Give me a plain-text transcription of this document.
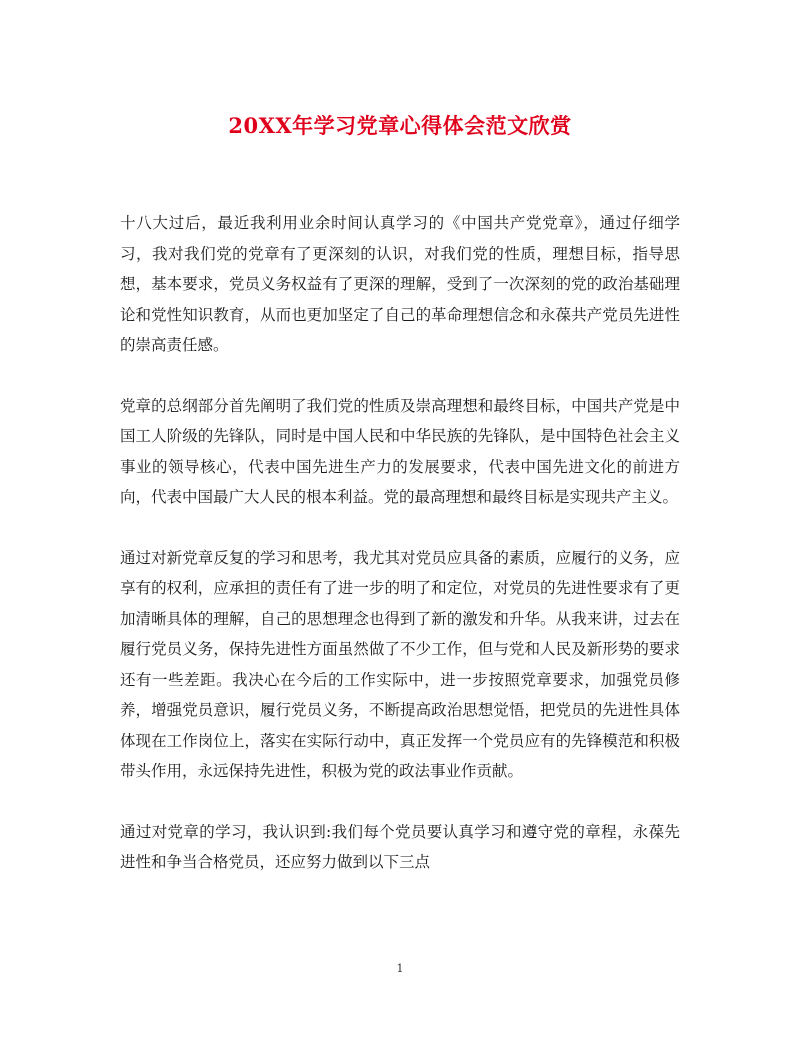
20XX年学习党章心得体会范文欣赏

十八大过后，最近我利用业余时间认真学习的《中国共产党党章》，通过仔细学习，我对我们党的党章有了更深刻的认识，对我们党的性质，理想目标，指导思想，基本要求，党员义务权益有了更深的理解，受到了一次深刻的党的政治基础理论和党性知识教育，从而也更加坚定了自己的革命理想信念和永葆共产党员先进性的崇高责任感。

党章的总纲部分首先阐明了我们党的性质及崇高理想和最终目标，中国共产党是中国工人阶级的先锋队，同时是中国人民和中华民族的先锋队，是中国特色社会主义事业的领导核心，代表中国先进生产力的发展要求，代表中国先进文化的前进方向，代表中国最广大人民的根本利益。党的最高理想和最终目标是实现共产主义。

通过对新党章反复的学习和思考，我尤其对党员应具备的素质，应履行的义务，应享有的权利，应承担的责任有了进一步的明了和定位，对党员的先进性要求有了更加清晰具体的理解，自己的思想理念也得到了新的激发和升华。从我来讲，过去在履行党员义务，保持先进性方面虽然做了不少工作，但与党和人民及新形势的要求还有一些差距。我决心在今后的工作实际中，进一步按照党章要求，加强党员修养，增强党员意识，履行党员义务，不断提高政治思想觉悟，把党员的先进性具体体现在工作岗位上，落实在实际行动中，真正发挥一个党员应有的先锋模范和积极带头作用，永远保持先进性，积极为党的政法事业作贡献。

通过对党章的学习，我认识到:我们每个党员要认真学习和遵守党的章程，永葆先进性和争当合格党员，还应努力做到以下三点

1
